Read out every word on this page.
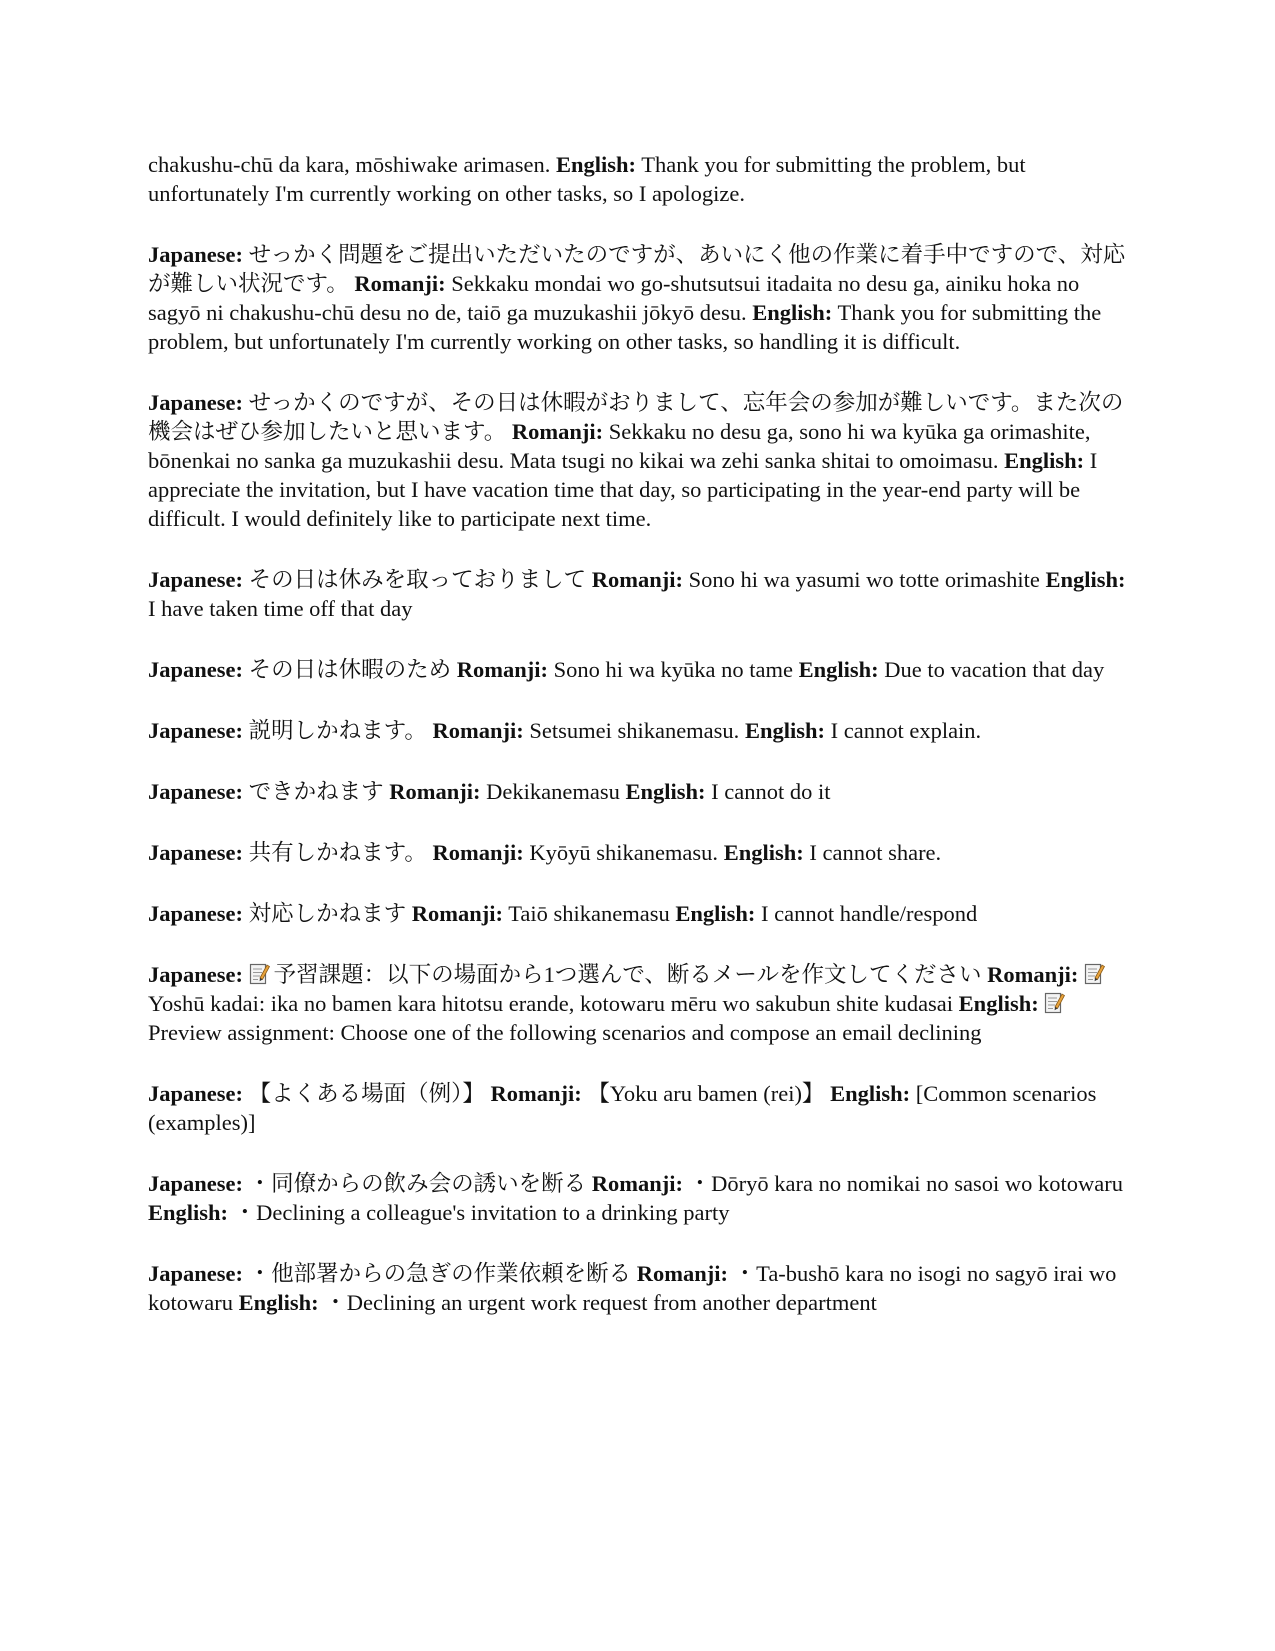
chakushu-chū da kara, mōshiwake arimasen. English: Thank you for submitting the problem, but unfortunately I'm currently working on other tasks, so I apologize.

Japanese: せっかく問題をご提出いただいたのですが、あいにく他の作業に着手中ですので、対応が難しい状況です。 Romanji: Sekkaku mondai wo go-shutsutsui itadaita no desu ga, ainiku hoka no sagyō ni chakushu-chū desu no de, taiō ga muzukashii jōkyō desu. English: Thank you for submitting the problem, but unfortunately I'm currently working on other tasks, so handling it is difficult.

Japanese: せっかくのですが、その日は休暇がおりまして、忘年会の参加が難しいです。また次の機会はぜひ参加したいと思います。 Romanji: Sekkaku no desu ga, sono hi wa kyūka ga orimashite, bōnenkai no sanka ga muzukashii desu. Mata tsugi no kikai wa zehi sanka shitai to omoimasu. English: I appreciate the invitation, but I have vacation time that day, so participating in the year-end party will be difficult. I would definitely like to participate next time.

Japanese: その日は休みを取っておりまして Romanji: Sono hi wa yasumi wo totte orimashite English: I have taken time off that day

Japanese: その日は休暇のため Romanji: Sono hi wa kyūka no tame English: Due to vacation that day

Japanese: 説明しかねます。 Romanji: Setsumei shikanemasu. English: I cannot explain.

Japanese: できかねます Romanji: Dekikanemasu English: I cannot do it

Japanese: 共有しかねます。 Romanji: Kyōyū shikanemasu. English: I cannot share.

Japanese: 対応しかねます Romanji: Taiō shikanemasu English: I cannot handle/respond

Japanese: 予習課題：以下の場面から1つ選んで、断るメールを作文してください Romanji:  Yoshū kadai: ika no bamen kara hitotsu erande, kotowaru mēru wo sakubun shite kudasai English:  Preview assignment: Choose one of the following scenarios and compose an email declining

Japanese: 【よくある場面（例）】 Romanji: 【Yoku aru bamen (rei)】 English: [Common scenarios (examples)]

Japanese: ・同僚からの飲み会の誘いを断る Romanji: ・Dōryō kara no nomikai no sasoi wo kotowaru English: ・Declining a colleague's invitation to a drinking party

Japanese: ・他部署からの急ぎの作業依頼を断る Romanji: ・Ta-bushō kara no isogi no sagyō irai wo kotowaru English: ・Declining an urgent work request from another department
